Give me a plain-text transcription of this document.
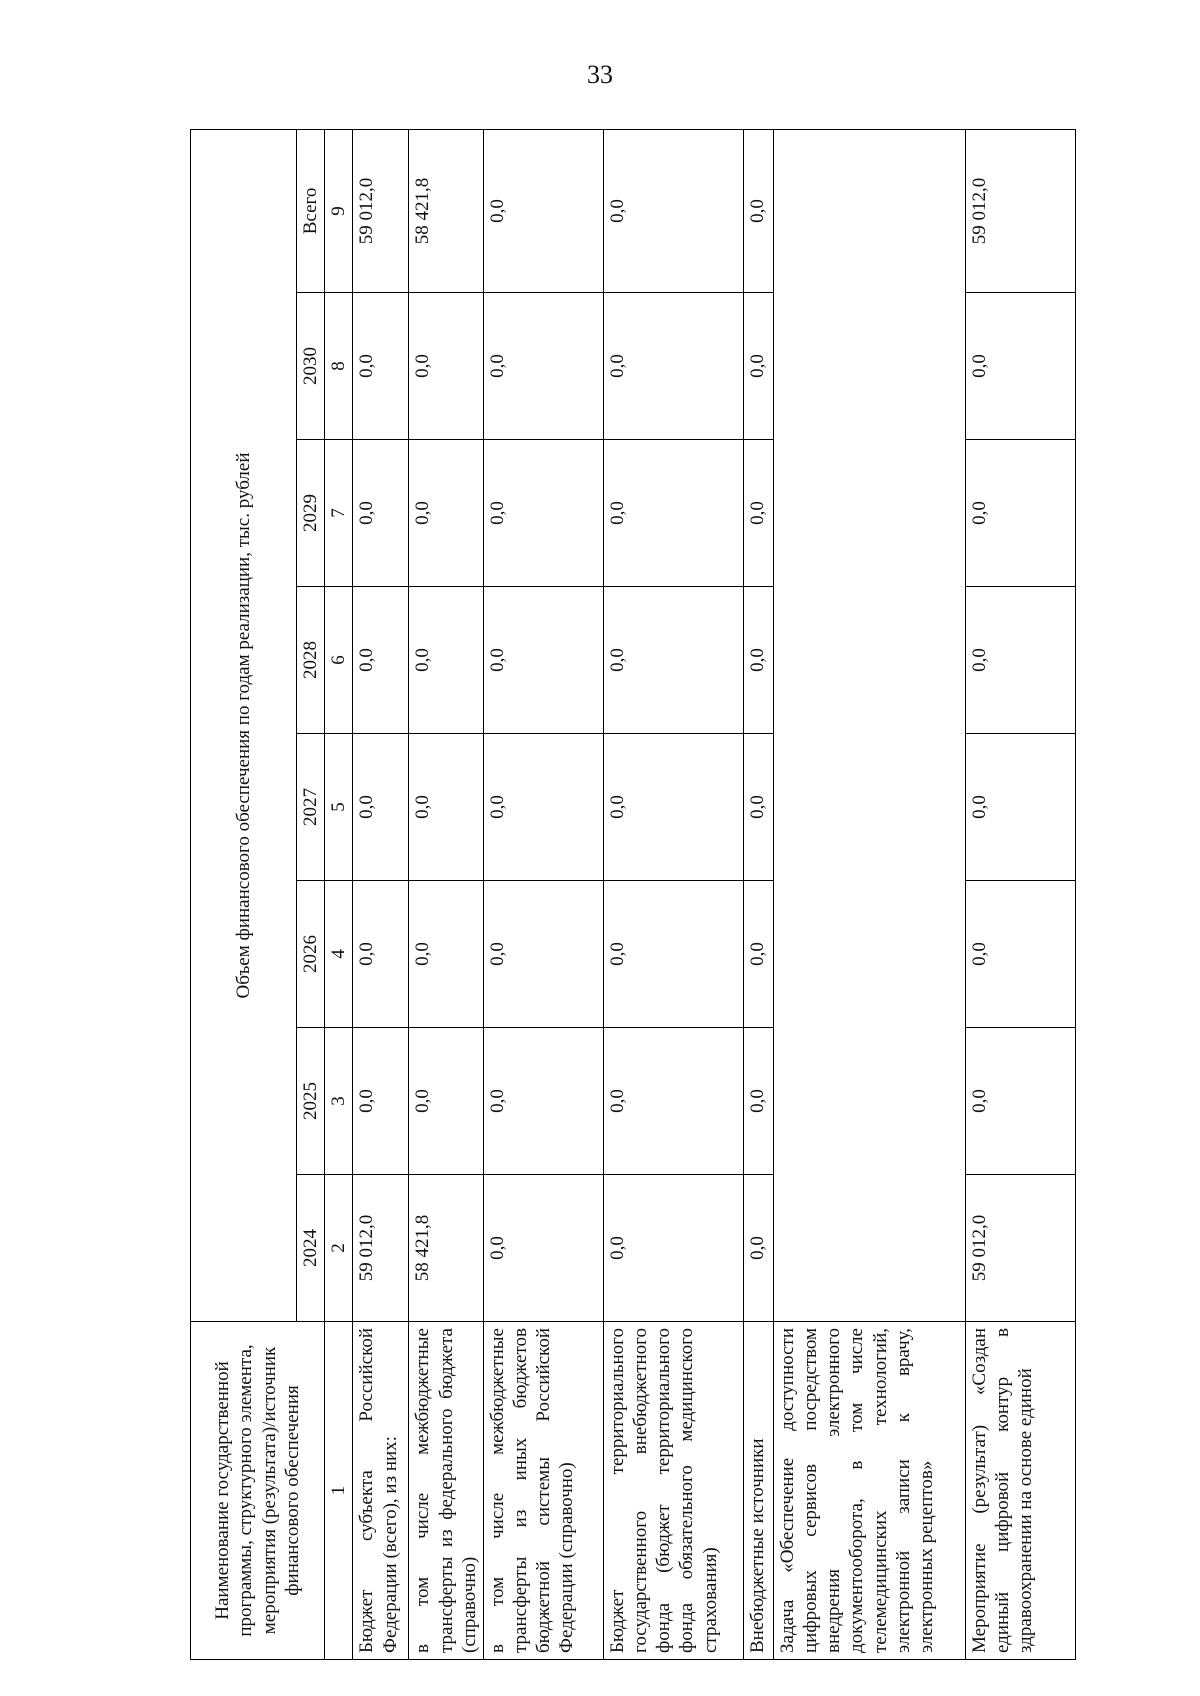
33
Наименование государственной программы, структурного элемента, мероприятия (результата)/источник финансового обеспечения	Объем финансового обеспечения по годам реализации, тыс. рублей							
	2024	2025	2026	2027	2028	2029	2030	Всего
1	2	3	4	5	6	7	8	9
Бюджет субъекта Российской Федерации (всего), из них:	59 012,0	0,0	0,0	0,0	0,0	0,0	0,0	59 012,0
в том числе межбюджетные трансферты из федерального бюджета (справочно)	58 421,8	0,0	0,0	0,0	0,0	0,0	0,0	58 421,8
в том числе межбюджетные трансферты из иных бюджетов бюджетной системы Российской Федерации (справочно)	0,0	0,0	0,0	0,0	0,0	0,0	0,0	0,0
Бюджет территориального государственного внебюджетного фонда (бюджет территориального фонда обязательного медицинского страхования)	0,0	0,0	0,0	0,0	0,0	0,0	0,0	0,0
Внебюджетные источники	0,0	0,0	0,0	0,0	0,0	0,0	0,0	0,0
Задача «Обеспечение доступности цифровых сервисов посредством внедрения электронного документооборота, в том числе телемедицинских технологий, электронной записи к врачу, электронных рецептов»								
Мероприятие (результат) «Создан единый цифровой контур в здравоохранении на основе единой	59 012,0	0,0	0,0	0,0	0,0	0,0	0,0	59 012,0
